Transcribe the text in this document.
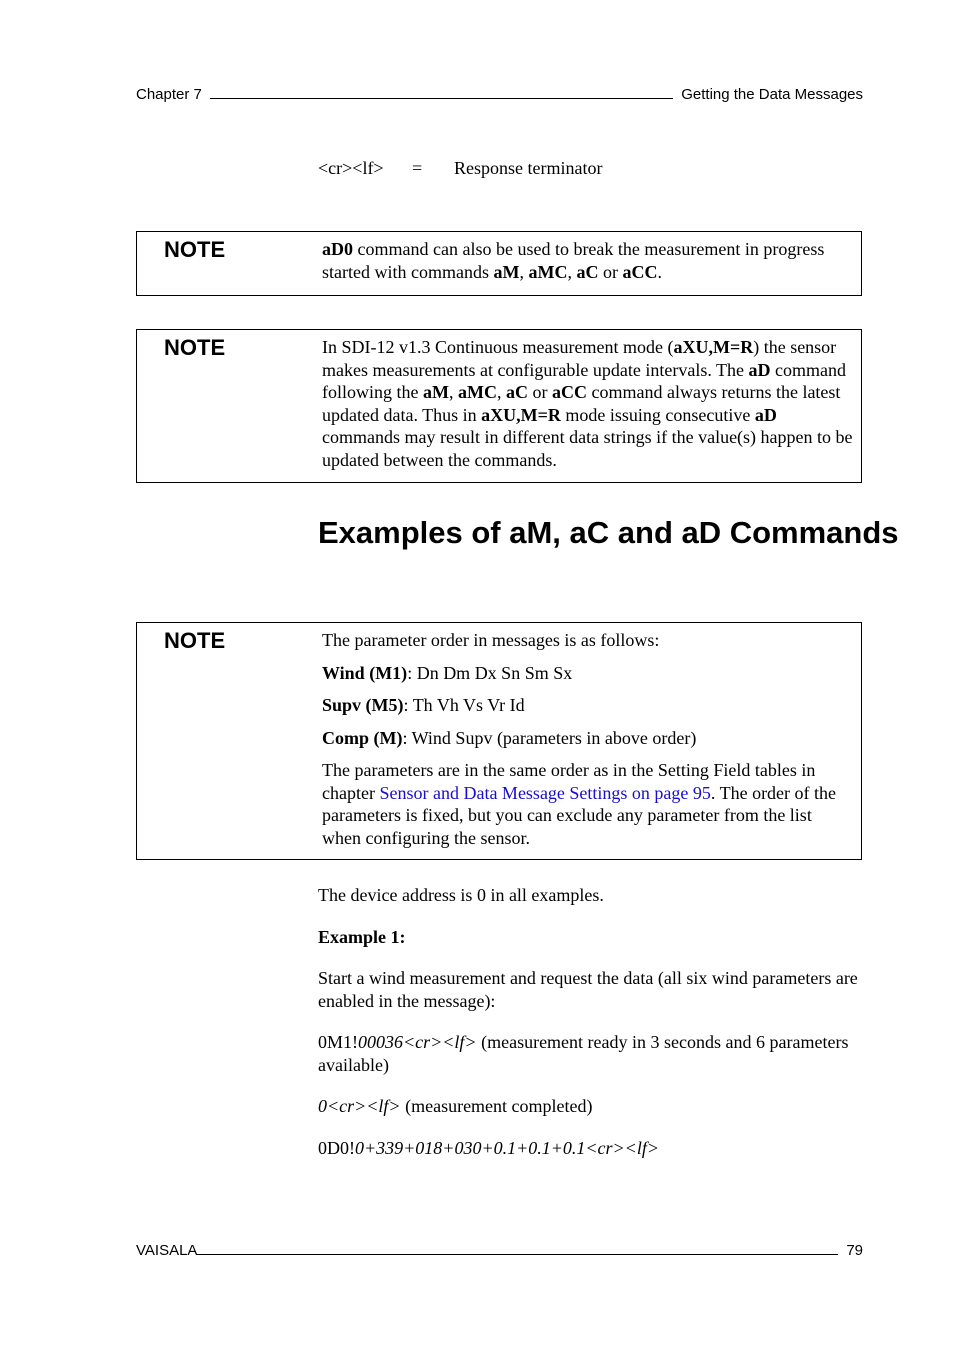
Chapter 7	Getting the Data Messages
<cr><lf>	=	Response terminator
NOTE	aD0 command can also be used to break the measurement in progress started with commands aM, aMC, aC or aCC.
NOTE	In SDI-12 v1.3 Continuous measurement mode (aXU,M=R) the sensor makes measurements at configurable update intervals. The aD command following the aM, aMC, aC or aCC command always returns the latest updated data. Thus in aXU,M=R mode issuing consecutive aD commands may result in different data strings if the value(s) happen to be updated between the commands.
Examples of aM, aC and aD Commands
NOTE	The parameter order in messages is as follows:

Wind (M1): Dn Dm Dx Sn Sm Sx

Supv (M5): Th Vh Vs Vr Id

Comp (M): Wind Supv (parameters in above order)

The parameters are in the same order as in the Setting Field tables in chapter Sensor and Data Message Settings on page 95. The order of the parameters is fixed, but you can exclude any parameter from the list when configuring the sensor.

The device address is 0 in all examples.

Example 1:

Start a wind measurement and request the data (all six wind parameters are enabled in the message):

0M1!00036<cr><lf> (measurement ready in 3 seconds and 6 parameters available)

0<cr><lf> (measurement completed)

0D0!0+339+018+030+0.1+0.1+0.1<cr><lf>

VAISALA	79
